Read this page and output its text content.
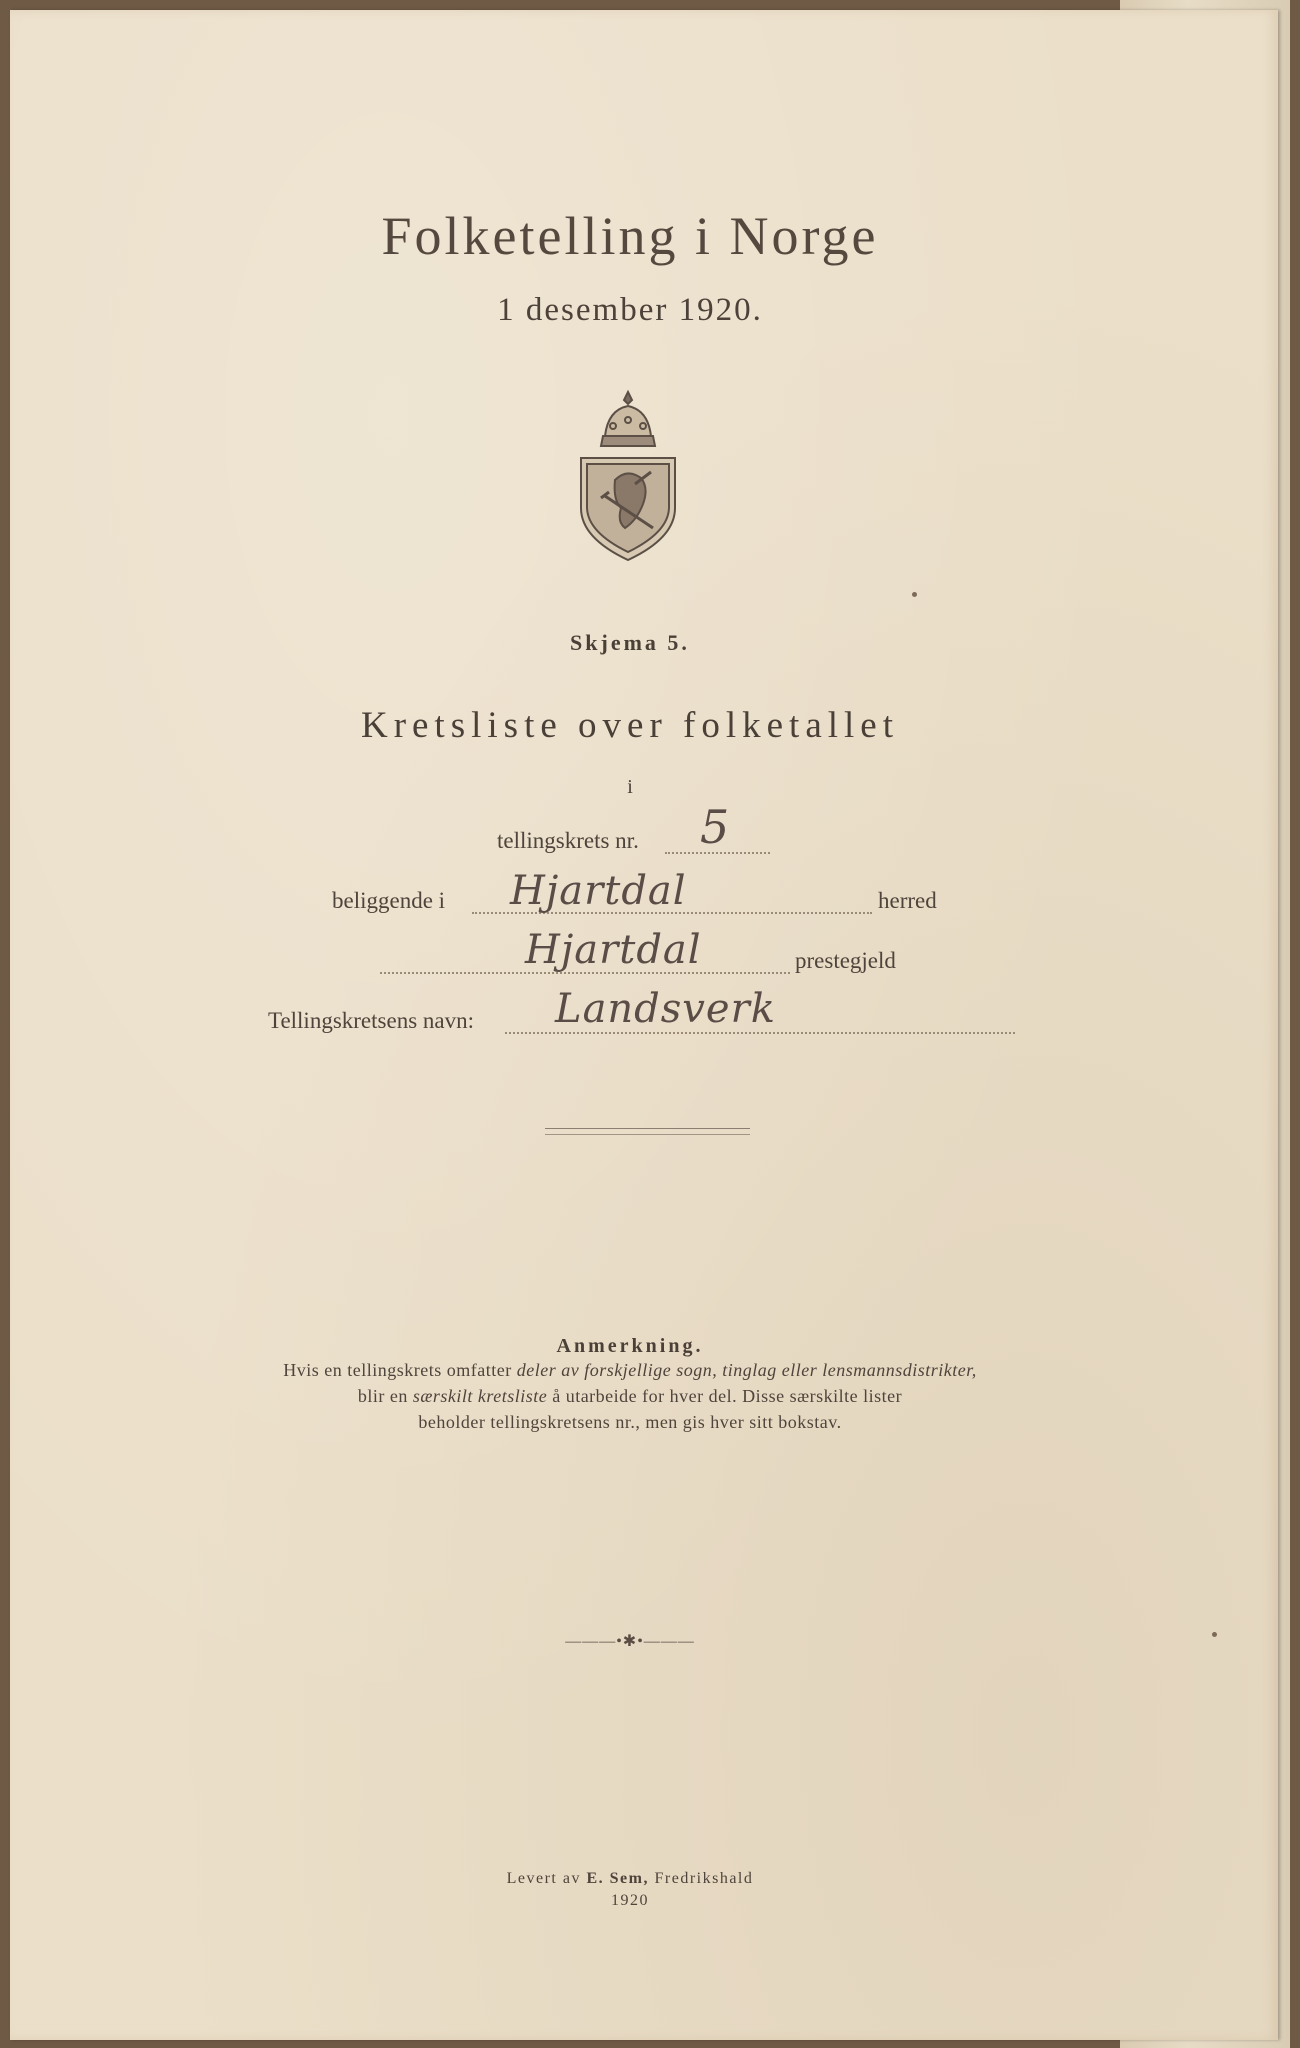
Folketelling i Norge
1 desember 1920.
Skjema 5.
Kretsliste over folketallet
i
tellingskrets nr. 5
beliggende i Hjartdal	herred
Hjartdal	prestegjeld
Tellingskretsens navn: Landsverk
Anmerkning.
Hvis en tellingskrets omfatter deler av forskjellige sogn, tinglag eller lensmannsdistrikter,
blir en særskilt kretsliste å utarbeide for hver del. Disse særskilte lister
beholder tellingskretsens nr., men gis hver sitt bokstav.
———•✱•———
Levert av E. Sem, Fredrikshald
1920
